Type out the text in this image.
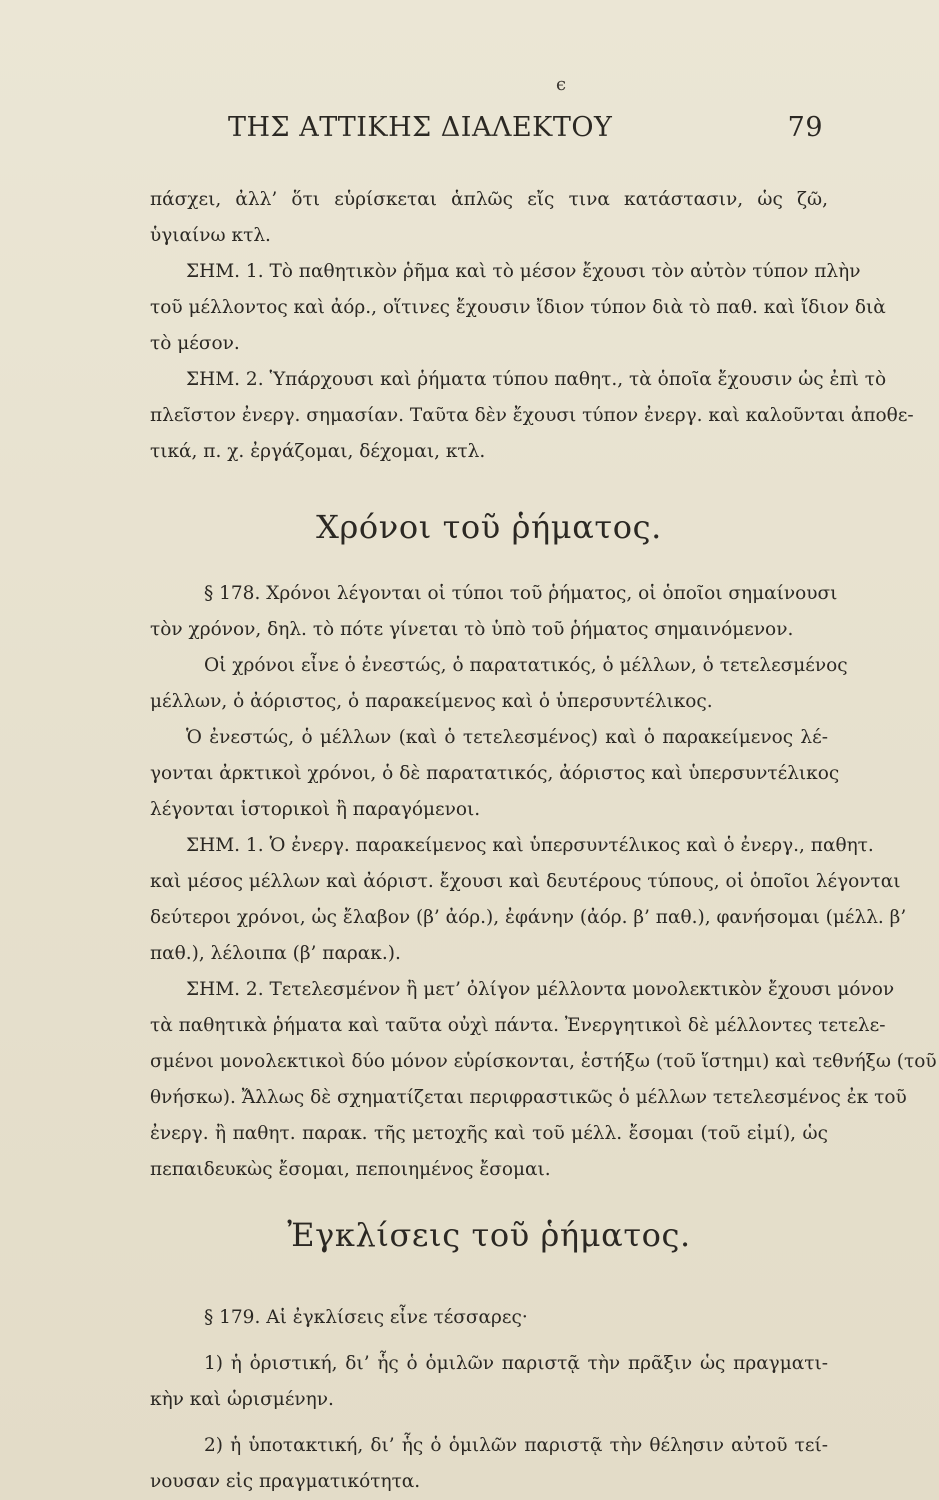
ϵ
ΤΗΣ ΑΤΤΙΚΗΣ ΔΙΑΛΕΚΤΟΥ	79
πάσχει, ἀλλ’ ὅτι εὑρίσκεται ἁπλῶς εἴς τινα κατάστασιν, ὡς ζῶ,
ὑγιαίνω κτλ.
ΣΗΜ. 1. Τὸ παθητικὸν ῥῆμα καὶ τὸ μέσον ἔχουσι τὸν αὐτὸν τύπον πλὴν
τοῦ μέλλοντος καὶ ἀόρ., οἵτινες ἔχουσιν ἴδιον τύπον διὰ τὸ παθ. καὶ ἴδιον διὰ
τὸ μέσον.
ΣΗΜ. 2. Ὑπάρχουσι καὶ ῥήματα τύπου παθητ., τὰ ὁποῖα ἔχουσιν ὡς ἐπὶ τὸ
πλεῖστον ἐνεργ. σημασίαν. Ταῦτα δὲν ἔχουσι τύπον ἐνεργ. καὶ καλοῦνται ἀποθε-
τικά, π. χ. ἐργάζομαι, δέχομαι, κτλ.
Χρόνοι τοῦ ῥήματος.
§ 178. Χρόνοι λέγονται οἱ τύποι τοῦ ῥήματος, οἱ ὁποῖοι σημαίνουσι
τὸν χρόνον, δηλ. τὸ πότε γίνεται τὸ ὑπὸ τοῦ ῥήματος σημαινόμενον.
Οἱ χρόνοι εἶνε ὁ ἐνεστώς, ὁ παρατατικός, ὁ μέλλων, ὁ τετελεσμένος
μέλλων, ὁ ἀόριστος, ὁ παρακείμενος καὶ ὁ ὑπερσυντέλικος.
Ὁ ἐνεστώς, ὁ μέλλων (καὶ ὁ τετελεσμένος) καὶ ὁ παρακείμενος λέ-
γονται ἀρκτικοὶ χρόνοι, ὁ δὲ παρατατικός, ἀόριστος καὶ ὑπερσυντέλικος
λέγονται ἱστορικοὶ ἢ παραγόμενοι.
ΣΗΜ. 1. Ὁ ἐνεργ. παρακείμενος καὶ ὑπερσυντέλικος καὶ ὁ ἐνεργ., παθητ.
καὶ μέσος μέλλων καὶ ἀόριστ. ἔχουσι καὶ δευτέρους τύπους, οἱ ὁποῖοι λέγονται
δεύτεροι χρόνοι, ὡς ἔλαβον (β’ ἀόρ.), ἐφάνην (ἀόρ. β’ παθ.), φανήσομαι (μέλλ. β’
παθ.), λέλοιπα (β’ παρακ.).
ΣΗΜ. 2. Τετελεσμένον ἢ μετ’ ὀλίγον μέλλοντα μονολεκτικὸν ἔχουσι μόνον
τὰ παθητικὰ ῥήματα καὶ ταῦτα οὐχὶ πάντα. Ἐνεργητικοὶ δὲ μέλλοντες τετελε-
σμένοι μονολεκτικοὶ δύο μόνον εὑρίσκονται, ἑστήξω (τοῦ ἵστημι) καὶ τεθνήξω (τοῦ
θνήσκω). Ἄλλως δὲ σχηματίζεται περιφραστικῶς ὁ μέλλων τετελεσμένος ἐκ τοῦ
ἐνεργ. ἢ παθητ. παρακ. τῆς μετοχῆς καὶ τοῦ μέλλ. ἔσομαι (τοῦ εἰμί), ὡς
πεπαιδευκὼς ἔσομαι, πεποιημένος ἔσομαι.
Ἐγκλίσεις τοῦ ῥήματος.
§ 179. Αἱ ἐγκλίσεις εἶνε τέσσαρες·
1) ἡ ὁριστική, δι’ ἧς ὁ ὁμιλῶν παριστᾷ τὴν πρᾶξιν ὡς πραγματι-
κὴν καὶ ὡρισμένην.
2) ἡ ὑποτακτική, δι’ ἧς ὁ ὁμιλῶν παριστᾷ τὴν θέλησιν αὐτοῦ τεί-
νουσαν εἰς πραγματικότητα.
